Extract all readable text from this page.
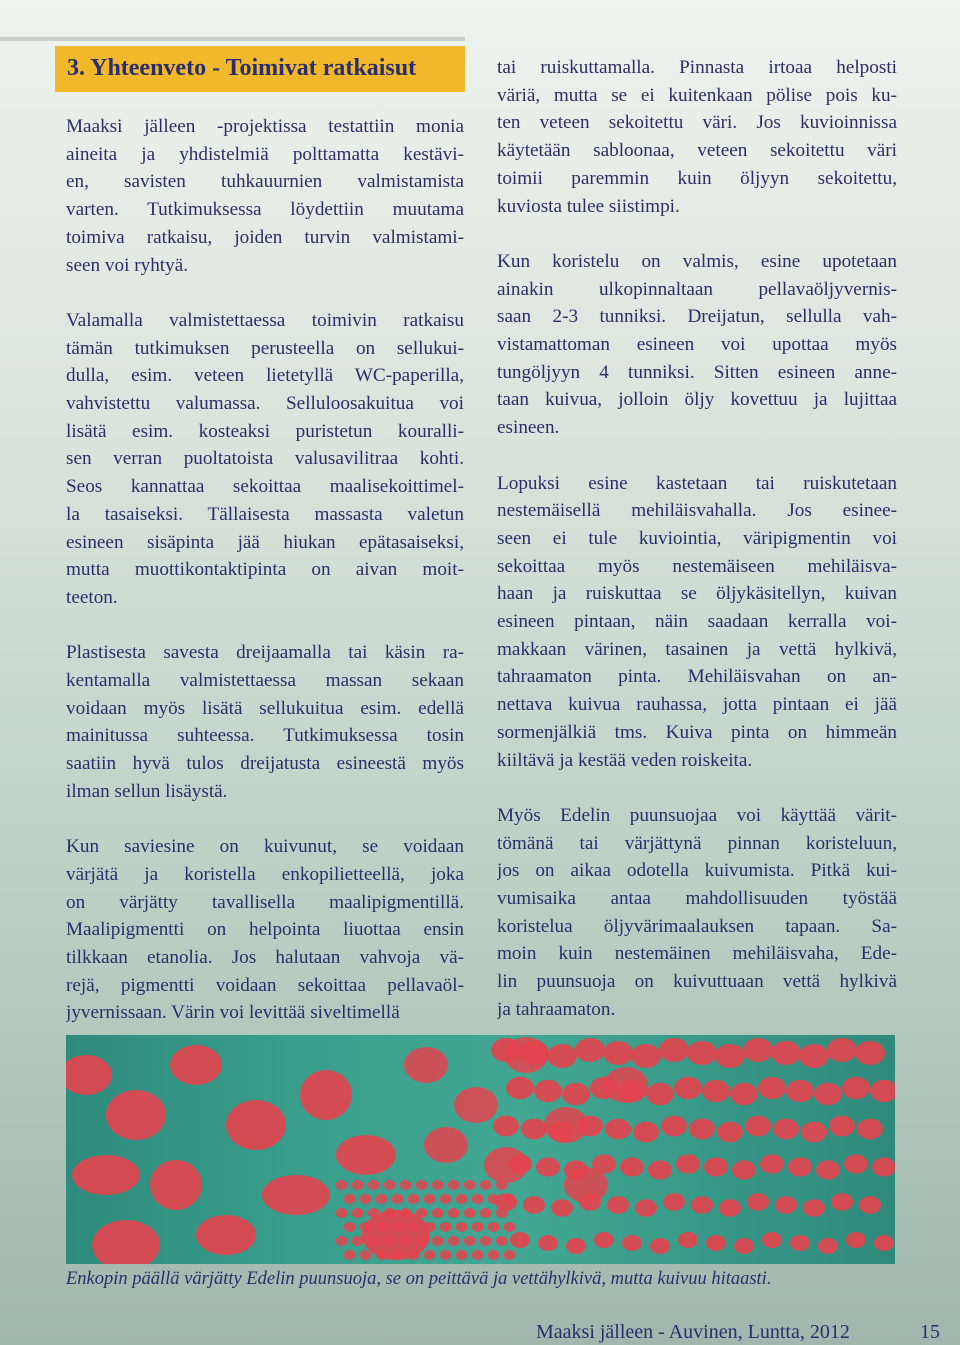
3. Yhteenveto - Toimivat ratkaisut
Maaksi jälleen -projektissa testattiin monia
aineita ja yhdistelmiä polttamatta kestävi-
en, savisten tuhkauurnien valmistamista
varten. Tutkimuksessa löydettiin muutama
toimiva ratkaisu, joiden turvin valmistami-
seen voi ryhtyä.
Valamalla valmistettaessa toimivin ratkaisu
tämän tutkimuksen perusteella on sellukui-
dulla, esim. veteen lietetyllä WC-paperilla,
vahvistettu valumassa. Selluloosakuitua voi
lisätä esim. kosteaksi puristetun kouralli-
sen verran puoltatoista valusavilitraa kohti.
Seos kannattaa sekoittaa maalisekoittimel-
la tasaiseksi. Tällaisesta massasta valetun
esineen sisäpinta jää hiukan epätasaiseksi,
mutta muottikontaktipinta on aivan moit-
teeton.
Plastisesta savesta dreijaamalla tai käsin ra-
kentamalla valmistettaessa massan sekaan
voidaan myös lisätä sellukuitua esim. edellä
mainitussa suhteessa. Tutkimuksessa tosin
saatiin hyvä tulos dreijatusta esineestä myös
ilman sellun lisäystä.
Kun saviesine on kuivunut, se voidaan
värjätä ja koristella enkopilietteellä, joka
on värjätty tavallisella maalipigmentillä.
Maalipigmentti on helpointa liuottaa ensin
tilkkaan etanolia. Jos halutaan vahvoja vä-
rejä, pigmentti voidaan sekoittaa pellavaöl-
jyvernissaan. Värin voi levittää siveltimellä
tai ruiskuttamalla. Pinnasta irtoaa helposti
väriä, mutta se ei kuitenkaan pölise pois ku-
ten veteen sekoitettu väri. Jos kuvioinnissa
käytetään sabloonaa, veteen sekoitettu väri
toimii paremmin kuin öljyyn sekoitettu,
kuviosta tulee siistimpi.
Kun koristelu on valmis, esine upotetaan
ainakin ulkopinnaltaan pellavaöljyvernis-
saan 2-3 tunniksi. Dreijatun, sellulla vah-
vistamattoman esineen voi upottaa myös
tungöljyyn 4 tunniksi. Sitten esineen anne-
taan kuivua, jolloin öljy kovettuu ja lujittaa
esineen.
Lopuksi esine kastetaan tai ruiskutetaan
nestemäisellä mehiläisvahalla. Jos esinee-
seen ei tule kuviointia, väripigmentin voi
sekoittaa myös nestemäiseen mehiläisva-
haan ja ruiskuttaa se öljykäsitellyn, kuivan
esineen pintaan, näin saadaan kerralla voi-
makkaan värinen, tasainen ja vettä hylkivä,
tahraamaton pinta. Mehiläisvahan on an-
nettava kuivua rauhassa, jotta pintaan ei jää
sormenjälkiä tms. Kuiva pinta on himmeän
kiiltävä ja kestää veden roiskeita.
Myös Edelin puunsuojaa voi käyttää värit-
tömänä tai värjättynä pinnan koristeluun,
jos on aikaa odotella kuivumista. Pitkä kui-
vumisaika antaa mahdollisuuden työstää
koristelua öljyvärimaalauksen tapaan. Sa-
moin kuin nestemäinen mehiläisvaha, Ede-
lin puunsuoja on kuivuttuaan vettä hylkivä
ja tahraamaton.
Enkopin päällä värjätty Edelin puunsuoja, se on peittävä ja vettähylkivä, mutta kuivuu hitaasti.
Maaksi jälleen - Auvinen, Luntta, 2012	15
